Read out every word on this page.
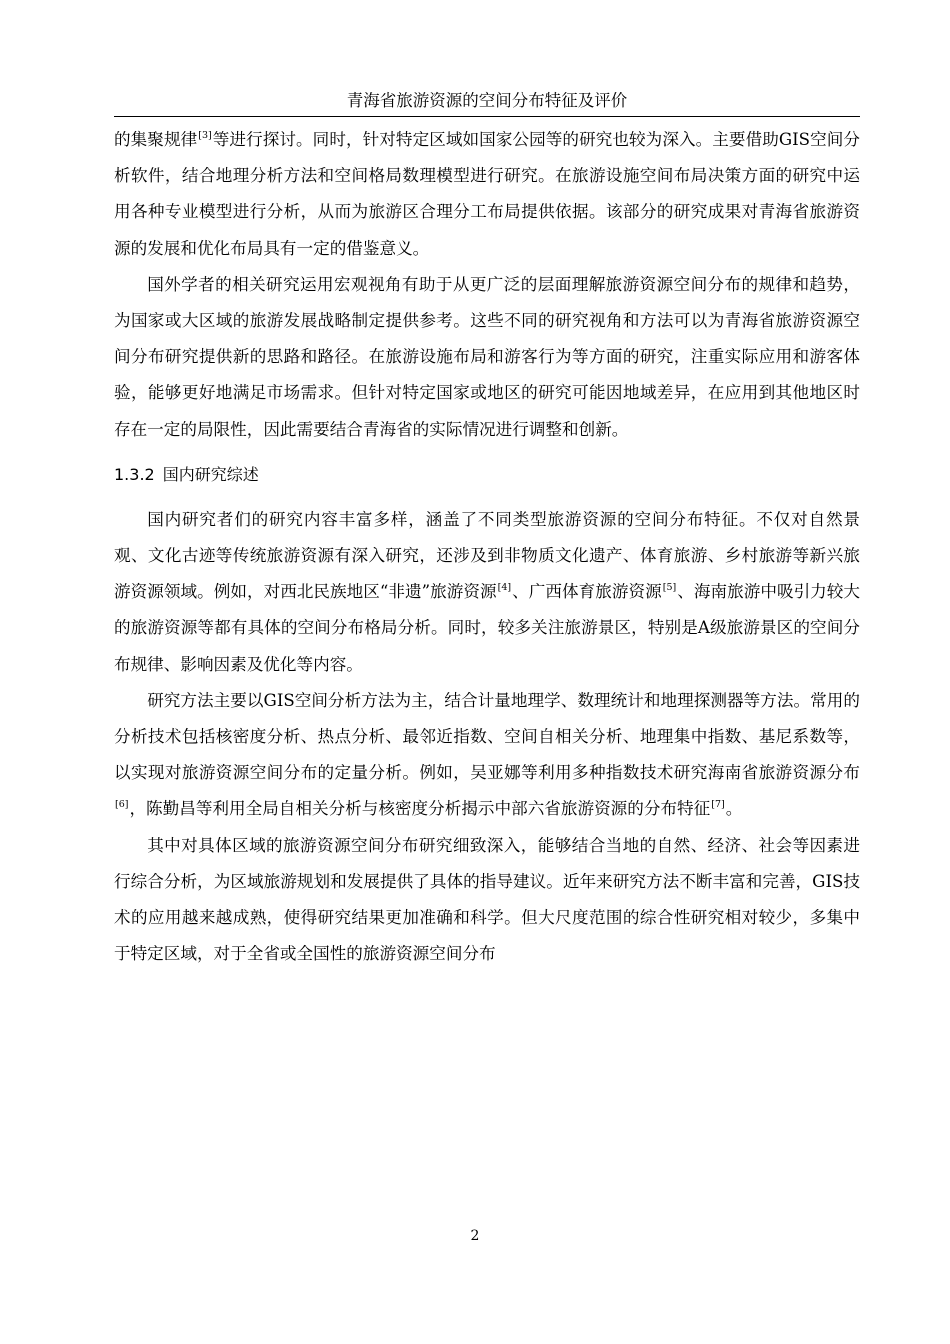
青海省旅游资源的空间分布特征及评价

的集聚规律[3]等进行探讨。同时，针对特定区域如国家公园等的研究也较为深入。主要借助GIS空间分析软件，结合地理分析方法和空间格局数理模型进行研究。在旅游设施空间布局决策方面的研究中运用各种专业模型进行分析，从而为旅游区合理分工布局提供依据。该部分的研究成果对青海省旅游资源的发展和优化布局具有一定的借鉴意义。

国外学者的相关研究运用宏观视角有助于从更广泛的层面理解旅游资源空间分布的规律和趋势，为国家或大区域的旅游发展战略制定提供参考。这些不同的研究视角和方法可以为青海省旅游资源空间分布研究提供新的思路和路径。在旅游设施布局和游客行为等方面的研究，注重实际应用和游客体验，能够更好地满足市场需求。但针对特定国家或地区的研究可能因地域差异，在应用到其他地区时存在一定的局限性，因此需要结合青海省的实际情况进行调整和创新。

1.3.2 国内研究综述

国内研究者们的研究内容丰富多样，涵盖了不同类型旅游资源的空间分布特征。不仅对自然景观、文化古迹等传统旅游资源有深入研究，还涉及到非物质文化遗产、体育旅游、乡村旅游等新兴旅游资源领域。例如，对西北民族地区“非遗”旅游资源[4]、广西体育旅游资源[5]、海南旅游中吸引力较大的旅游资源等都有具体的空间分布格局分析。同时，较多关注旅游景区，特别是A级旅游景区的空间分布规律、影响因素及优化等内容。

研究方法主要以GIS空间分析方法为主，结合计量地理学、数理统计和地理探测器等方法。常用的分析技术包括核密度分析、热点分析、最邻近指数、空间自相关分析、地理集中指数、基尼系数等，以实现对旅游资源空间分布的定量分析。例如，吴亚娜等利用多种指数技术研究海南省旅游资源分布[6]，陈勤昌等利用全局自相关分析与核密度分析揭示中部六省旅游资源的分布特征[7]。

其中对具体区域的旅游资源空间分布研究细致深入，能够结合当地的自然、经济、社会等因素进行综合分析，为区域旅游规划和发展提供了具体的指导建议。近年来研究方法不断丰富和完善，GIS技术的应用越来越成熟，使得研究结果更加准确和科学。但大尺度范围的综合性研究相对较少，多集中于特定区域，对于全省或全国性的旅游资源空间分布

2
